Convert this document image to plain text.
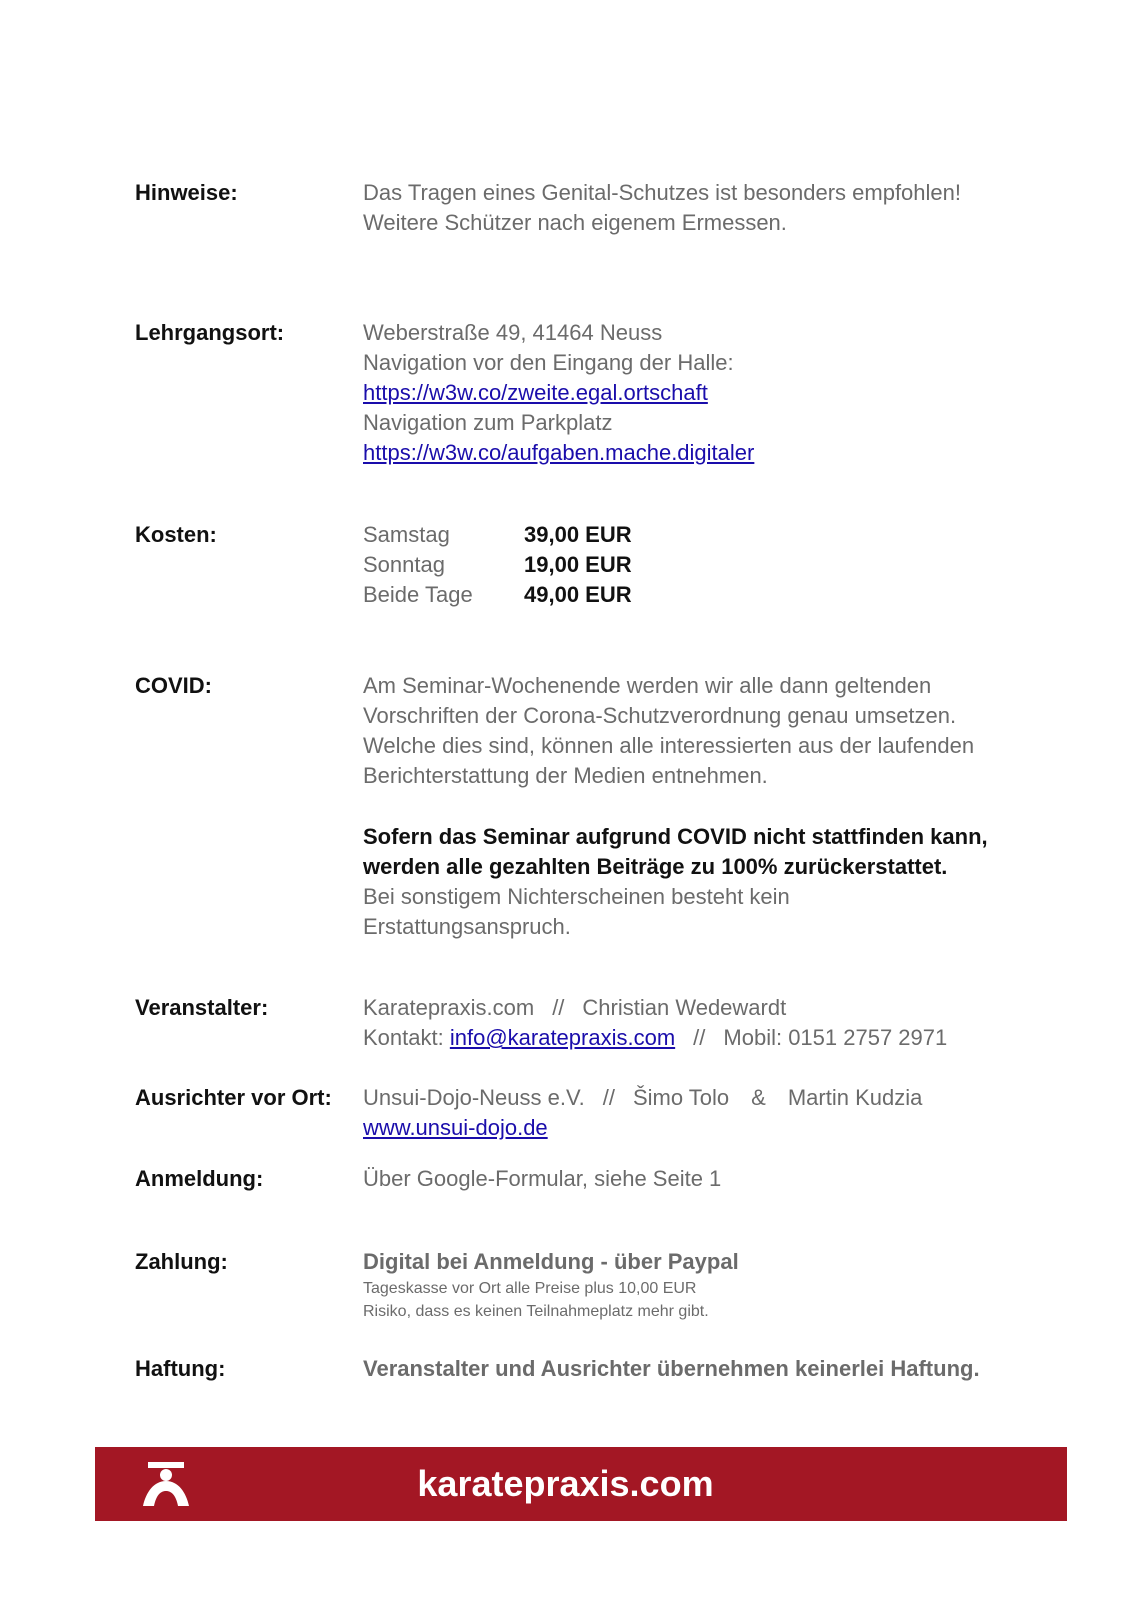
Hinweise:	Das Tragen eines Genital-Schutzes ist besonders empfohlen!
Weitere Schützer nach eigenem Ermessen.
Lehrgangsort:	Weberstraße 49, 41464 Neuss
Navigation vor den Eingang der Halle:
https://w3w.co/zweite.egal.ortschaft
Navigation zum Parkplatz
https://w3w.co/aufgaben.mache.digitaler
Kosten:	Samstag	39,00 EUR
Sonntag	19,00 EUR
Beide Tage	49,00 EUR
COVID:	Am Seminar-Wochenende werden wir alle dann geltenden
Vorschriften der Corona-Schutzverordnung genau umsetzen.
Welche dies sind, können alle interessierten aus der laufenden
Berichterstattung der Medien entnehmen.
Sofern das Seminar aufgrund COVID nicht stattfinden kann,
werden alle gezahlten Beiträge zu 100% zurückerstattet.
Bei sonstigem Nichterscheinen besteht kein
Erstattungsanspruch.
Veranstalter:	Karatepraxis.com // Christian Wedewardt
Kontakt: info@karatepraxis.com // Mobil: 0151 2757 2971
Ausrichter vor Ort: Unsui-Dojo-Neuss e.V. // Šimo Tolo & Martin Kudzia
www.unsui-dojo.de
Anmeldung:	Über Google-Formular, siehe Seite 1
Zahlung:	Digital bei Anmeldung - über Paypal
Tageskasse vor Ort alle Preise plus 10,00 EUR
Risiko, dass es keinen Teilnahmeplatz mehr gibt.
Haftung:	Veranstalter und Ausrichter übernehmen keinerlei Haftung.
karatepraxis.com
